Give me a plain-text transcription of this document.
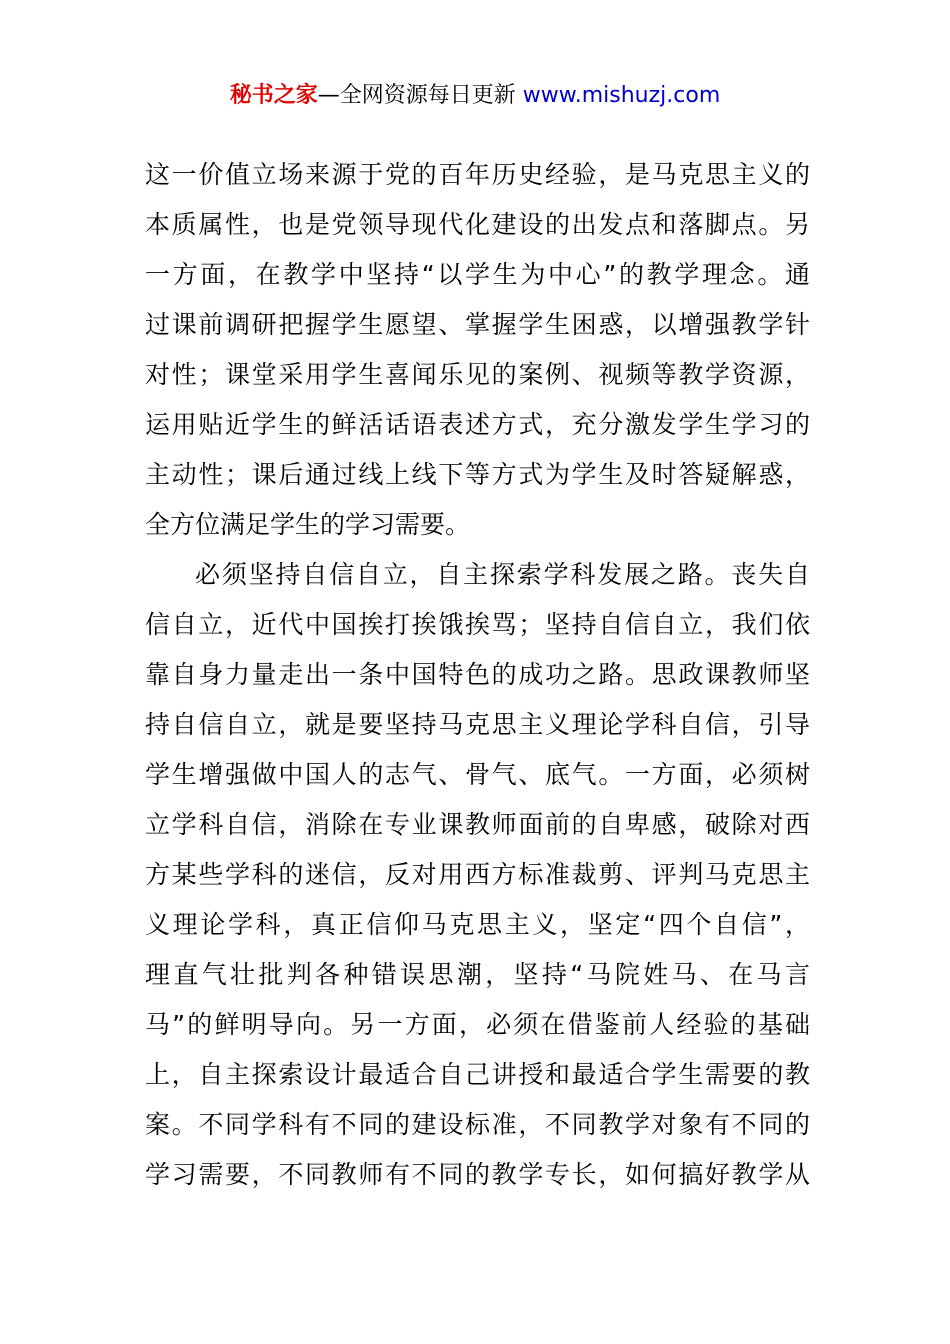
秘书之家—全网资源每日更新 www.mishuzj.com
这一价值立场来源于党的百年历史经验，是马克思主义的
本质属性，也是党领导现代化建设的出发点和落脚点。另
一方面，在教学中坚持“以学生为中心”的教学理念。通
过课前调研把握学生愿望、掌握学生困惑，以增强教学针
对性；课堂采用学生喜闻乐见的案例、视频等教学资源，
运用贴近学生的鲜活话语表述方式，充分激发学生学习的
主动性；课后通过线上线下等方式为学生及时答疑解惑，
全方位满足学生的学习需要。
必须坚持自信自立，自主探索学科发展之路。丧失自
信自立，近代中国挨打挨饿挨骂；坚持自信自立，我们依
靠自身力量走出一条中国特色的成功之路。思政课教师坚
持自信自立，就是要坚持马克思主义理论学科自信，引导
学生增强做中国人的志气、骨气、底气。一方面，必须树
立学科自信，消除在专业课教师面前的自卑感，破除对西
方某些学科的迷信，反对用西方标准裁剪、评判马克思主
义理论学科，真正信仰马克思主义，坚定“四个自信”，
理直气壮批判各种错误思潮，坚持“马院姓马、在马言
马”的鲜明导向。另一方面，必须在借鉴前人经验的基础
上，自主探索设计最适合自己讲授和最适合学生需要的教
案。不同学科有不同的建设标准，不同教学对象有不同的
学习需要，不同教师有不同的教学专长，如何搞好教学从
